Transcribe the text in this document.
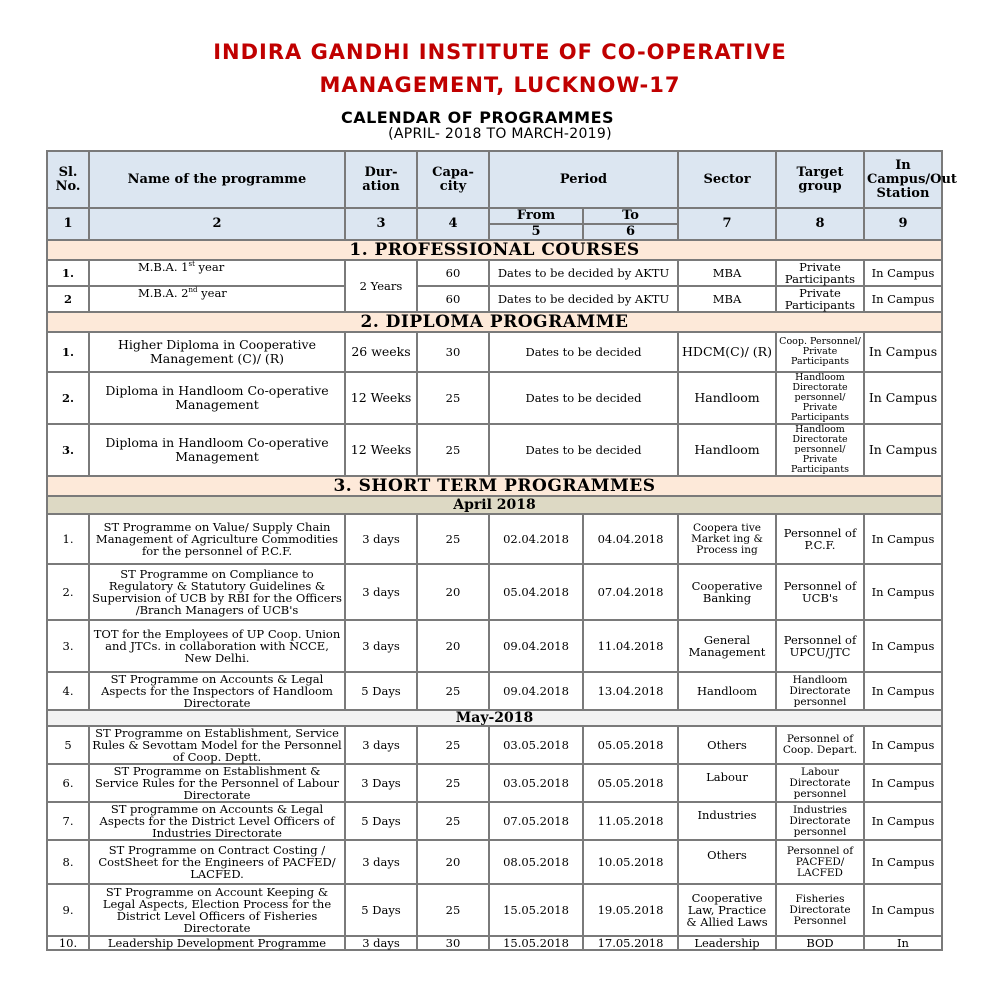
INDIRA GANDHI INSTITUTE OF CO-OPERATIVE
MANAGEMENT, LUCKNOW-17
CALENDAR OF PROGRAMMES
(APRIL- 2018 TO MARCH-2019)
Sl. No.	Name of the programme	Dur-ation	Capa-city	Period		Sector	Target group	In Campus/Out Station
1	2	3	4	From	To	7	8	9
				5	6			
1. PROFESSIONAL COURSES								
1.	M.B.A. 1st year	2 Years	60	Dates to be decided by AKTU		MBA	Private Participants	In Campus
2	M.B.A. 2nd year		60	Dates to be decided by AKTU		MBA	Private Participants	In Campus
2. DIPLOMA PROGRAMME								
1.	Higher Diploma in Cooperative Management (C)/ (R)	26 weeks	30	Dates to be decided		HDCM(C)/ (R)	Coop. Personnel/ Private Participants	In Campus
2.	Diploma in Handloom Co-operative Management	12 Weeks	25	Dates to be decided		Handloom	Handloom Directorate personnel/ Private Participants	In Campus
3.	Diploma in Handloom Co-operative Management	12 Weeks	25	Dates to be decided		Handloom	Handloom Directorate personnel/ Private Participants	In Campus
3. SHORT TERM PROGRAMMES								
April 2018								
1.	ST Programme on Value/ Supply Chain Management of Agriculture Commodities for the personnel of P.C.F.	3 days	25	02.04.2018	04.04.2018	Coopera tive Market ing & Process ing	Personnel of P.C.F.	In Campus
2.	ST Programme on Compliance to Regulatory & Statutory Guidelines & Supervision of UCB by RBI for the Officers /Branch Managers of UCB's	3 days	20	05.04.2018	07.04.2018	Cooperative Banking	Personnel of UCB's	In Campus
3.	TOT for the Employees of UP Coop. Union and JTCs. in collaboration with NCCE, New Delhi.	3 days	20	09.04.2018	11.04.2018	General Management	Personnel of UPCU/JTC	In Campus
4.	ST Programme on Accounts & Legal Aspects for the Inspectors of Handloom Directorate	5 Days	25	09.04.2018	13.04.2018	Handloom	Handloom Directorate personnel	In Campus
May-2018								
5	ST Programme on Establishment, Service Rules & Sevottam Model for the Personnel of Coop. Deptt.	3 days	25	03.05.2018	05.05.2018	Others	Personnel of Coop. Depart.	In Campus
6.	ST Programme on Establishment & Service Rules for the Personnel of Labour Directorate	3 Days	25	03.05.2018	05.05.2018	Labour	Labour Directorate personnel	In Campus
7.	ST programme on Accounts & Legal Aspects for the District Level Officers of Industries Directorate	5 Days	25	07.05.2018	11.05.2018	Industries	Industries Directorate personnel	In Campus
8.	ST Programme on Contract Costing / CostSheet for the Engineers of PACFED/ LACFED.	3 days	20	08.05.2018	10.05.2018	Others	Personnel of PACFED/ LACFED	In Campus
9.	ST Programme on Account Keeping & Legal Aspects, Election Process for the District Level Officers of Fisheries Directorate	5 Days	25	15.05.2018	19.05.2018	Cooperative Law, Practice & Allied Laws	Fisheries Directorate Personnel	In Campus
10.	Leadership Development Programme	3 days	30	15.05.2018	17.05.2018	Leadership	BOD	In
